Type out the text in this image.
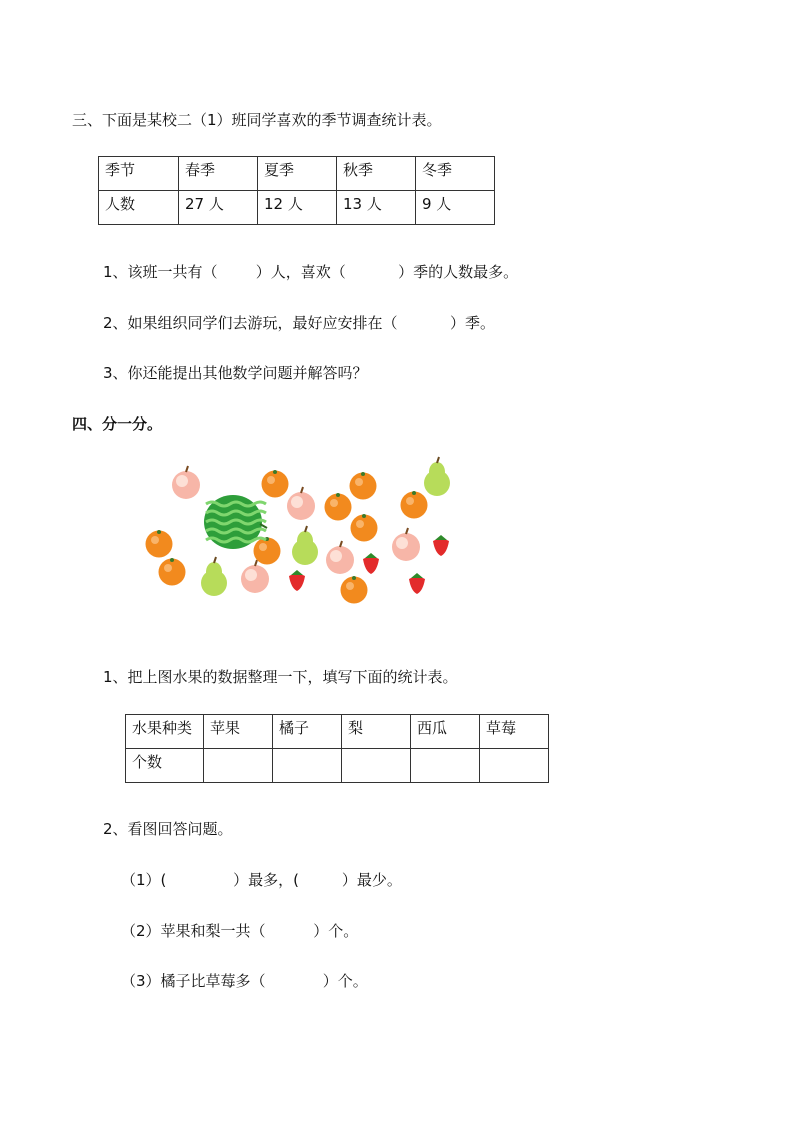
三、下面是某校二（1）班同学喜欢的季节调查统计表。
季节	春季	夏季	秋季	冬季
人数	27 人	12 人	13 人	9 人
1、该班一共有（        ）人，喜欢（           ）季的人数最多。
2、如果组织同学们去游玩，最好应安排在（           ）季。
3、你还能提出其他数学问题并解答吗？
四、分一分。
1、把上图水果的数据整理一下，填写下面的统计表。
水果种类	苹果	橘子	梨	西瓜	草莓
个数					
2、看图回答问题。
（1）(              ）最多，(         ）最少。
（2）苹果和梨一共（          ）个。
（3）橘子比草莓多（            ）个。
